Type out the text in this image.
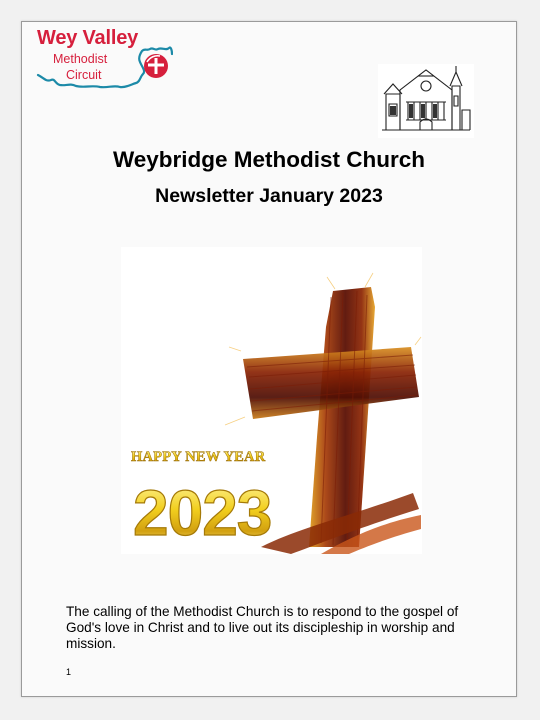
Wey Valley
Methodist
Circuit
Weybridge Methodist Church
Newsletter January 2023
HAPPY NEW YEAR
2023
The calling of the Methodist Church is to respond to the gospel of God's love in Christ and to live out its discipleship in worship and mission.
1
